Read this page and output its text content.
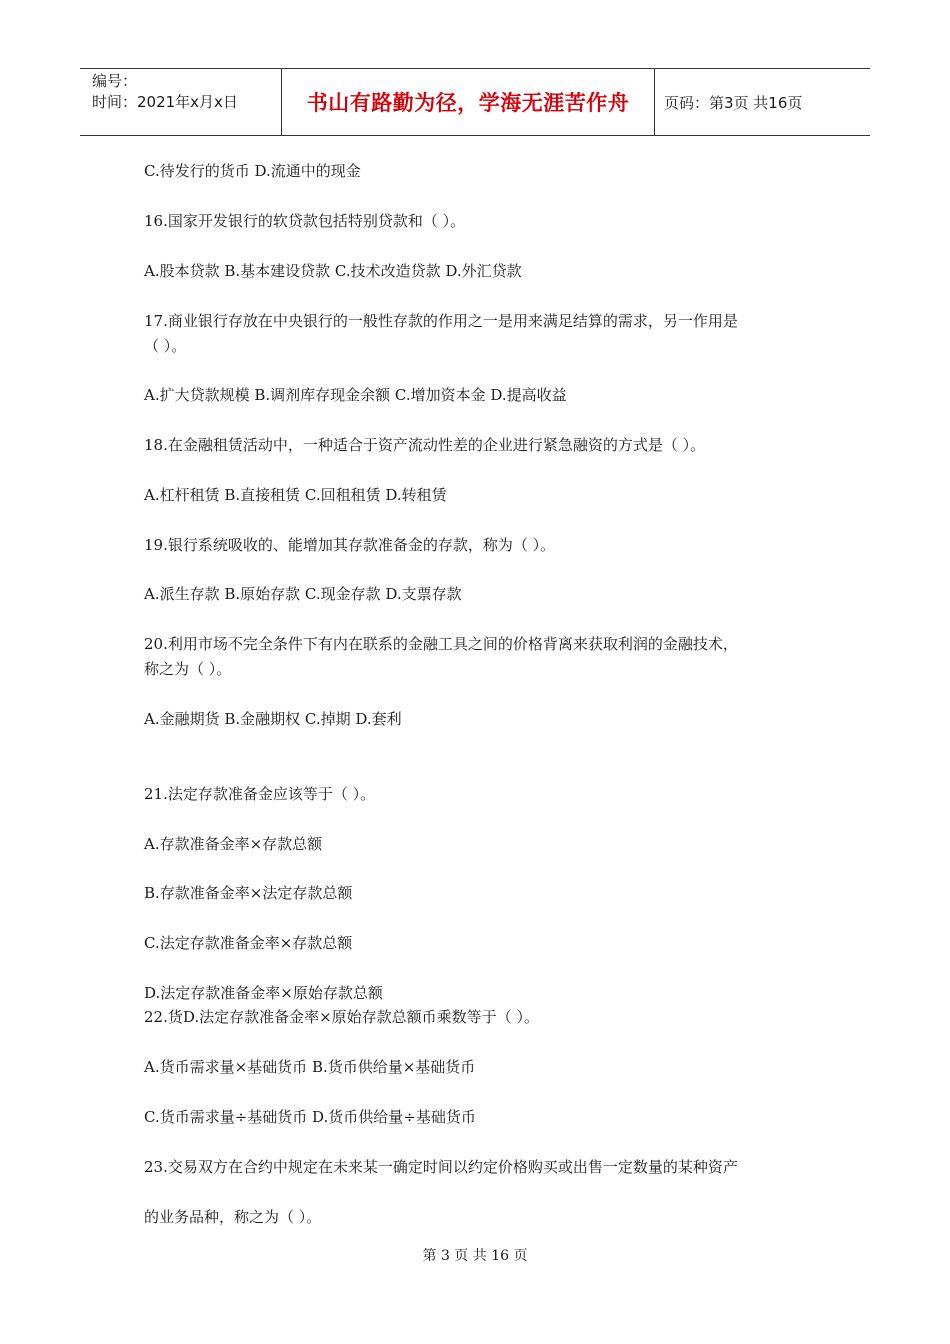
编号：
时间：2021年x月x日	书山有路勤为径，学海无涯苦作舟	页码：第3页 共16页
C.待发行的货币 D.流通中的现金
16.国家开发银行的软贷款包括特别贷款和（ ）。
A.股本贷款 B.基本建设贷款 C.技术改造贷款 D.外汇贷款
17.商业银行存放在中央银行的一般性存款的作用之一是用来满足结算的需求，另一作用是
（ ）。
A.扩大贷款规模 B.调剂库存现金余额 C.增加资本金 D.提高收益
18.在金融租赁活动中，一种适合于资产流动性差的企业进行紧急融资的方式是（ ）。
A.杠杆租赁 B.直接租赁 C.回租租赁 D.转租赁
19.银行系统吸收的、能增加其存款准备金的存款，称为（ ）。
A.派生存款 B.原始存款 C.现金存款 D.支票存款
20.利用市场不完全条件下有内在联系的金融工具之间的价格背离来获取利润的金融技术，
称之为（ ）。
A.金融期货 B.金融期权 C.掉期 D.套利
21.法定存款准备金应该等于（ ）。
A.存款准备金率×存款总额
B.存款准备金率×法定存款总额
C.法定存款准备金率×存款总额
D.法定存款准备金率×原始存款总额
22.货D.法定存款准备金率×原始存款总额币乘数等于（ ）。
A.货币需求量×基础货币 B.货币供给量×基础货币
C.货币需求量÷基础货币 D.货币供给量÷基础货币
23.交易双方在合约中规定在未来某一确定时间以约定价格购买或出售一定数量的某种资产
的业务品种，称之为（ ）。
第 3 页 共 16 页
